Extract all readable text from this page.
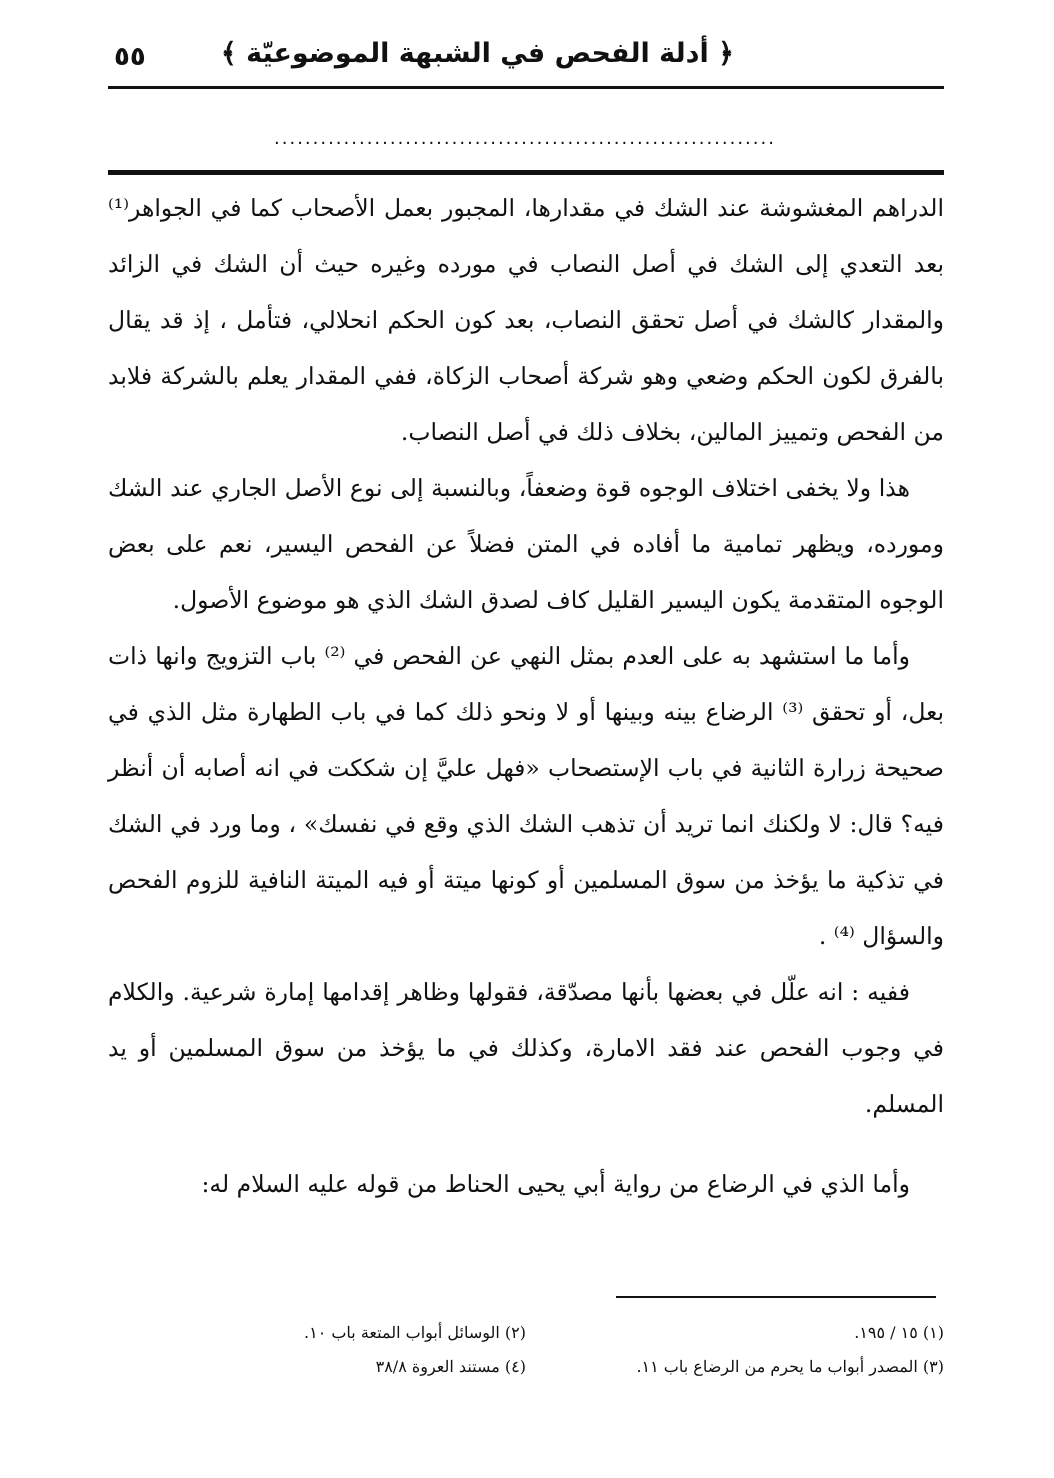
٥٥	﴿ أدلة الفحص في الشبهة الموضوعيّة ﴾
.................................................................

الدراهم المغشوشة عند الشك في مقدارها، المجبور بعمل الأصحاب كما في الجواهر⁽¹⁾ بعد التعدي إلى الشك في أصل النصاب في مورده وغيره حيث أن الشك في الزائد والمقدار كالشك في أصل تحقق النصاب، بعد كون الحكم انحلالي، فتأمل ، إذ قد يقال بالفرق لكون الحكم وضعي وهو شركة أصحاب الزكاة، ففي المقدار يعلم بالشركة فلابد من الفحص وتمييز المالين، بخلاف ذلك في أصل النصاب.

هذا ولا يخفى اختلاف الوجوه قوة وضعفاً، وبالنسبة إلى نوع الأصل الجاري عند الشك ومورده، ويظهر تمامية ما أفاده في المتن فضلاً عن الفحص اليسير، نعم على بعض الوجوه المتقدمة يكون اليسير القليل كاف لصدق الشك الذي هو موضوع الأصول.

وأما ما استشهد به على العدم بمثل النهي عن الفحص في ⁽²⁾ باب التزويج وانها ذات بعل، أو تحقق ⁽³⁾ الرضاع بينه وبينها أو لا ونحو ذلك كما في باب الطهارة مثل الذي في صحيحة زرارة الثانية في باب الإستصحاب «فهل عليَّ إن شككت في انه أصابه أن أنظر فيه؟ قال: لا ولكنك انما تريد أن تذهب الشك الذي وقع في نفسك» ، وما ورد في الشك في تذكية ما يؤخذ من سوق المسلمين أو كونها ميتة أو فيه الميتة النافية للزوم الفحص والسؤال ⁽⁴⁾ .

ففيه : انه علّل في بعضها بأنها مصدّقة، فقولها وظاهر إقدامها إمارة شرعية. والكلام في وجوب الفحص عند فقد الامارة، وكذلك في ما يؤخذ من سوق المسلمين أو يد المسلم.

وأما الذي في الرضاع من رواية أبي يحيى الحناط من قوله عليه السلام له:

(١) ١٥ / ١٩٥.
(٢) الوسائل أبواب المتعة باب ١٠.
(٣) المصدر أبواب ما يحرم من الرضاع باب ١١.
(٤) مستند العروة ٣٨/٨
